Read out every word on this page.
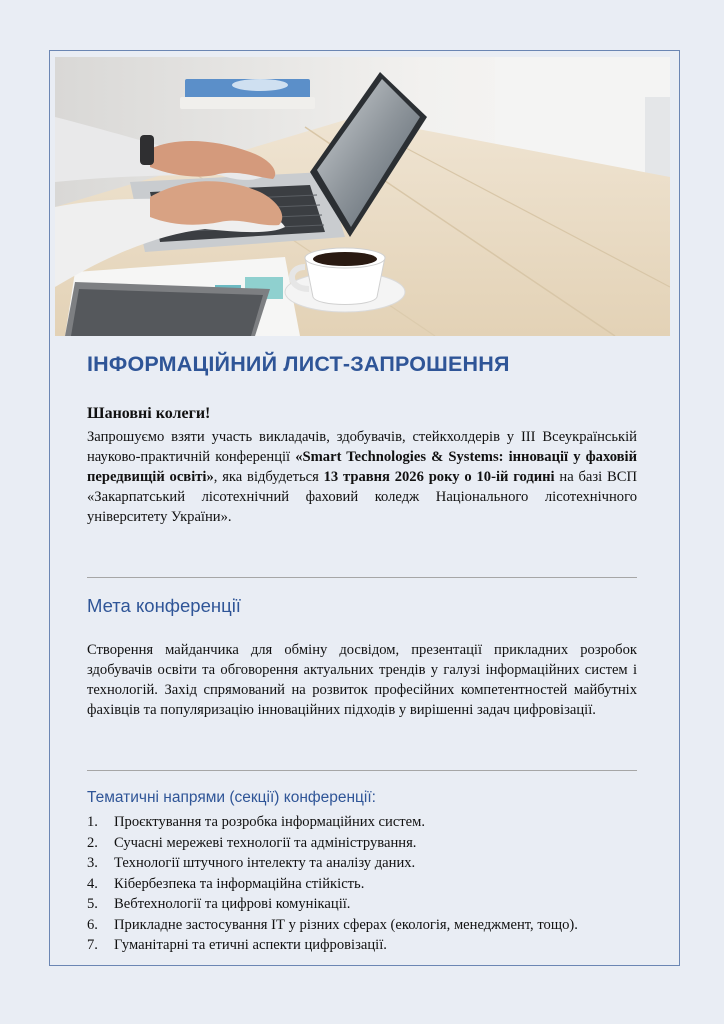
ІНФОРМАЦІЙНИЙ ЛИСТ-ЗАПРОШЕННЯ
Шановні колеги!
Запрошуємо взяти участь викладачів, здобувачів, стейкхолдерів у ІІІ Всеукраїнській науково-практичній конференції «Smart Technologies & Systems: інновації у фаховій передвищій освіті», яка відбудеться 13 травня 2026 року о 10-ій годині на базі ВСП «Закарпатський лісотехнічний фаховий коледж Національного лісотехнічного університету України».
Мета конференції
Створення майданчика для обміну досвідом, презентації прикладних розробок здобувачів освіти та обговорення актуальних трендів у галузі інформаційних систем і технологій. Захід спрямований на розвиток професійних компетентностей майбутніх фахівців та популяризацію інноваційних підходів у вирішенні задач цифровізації.
Тематичні напрями (секції) конференції:
1.	Проєктування та розробка інформаційних систем.
2.	Сучасні мережеві технології та адміністрування.
3.	Технології штучного інтелекту та аналізу даних.
4.	Кібербезпека та інформаційна стійкість.
5.	Вебтехнології та цифрові комунікації.
6.	Прикладне застосування ІТ у різних сферах (екологія, менеджмент, тощо).
7.	Гуманітарні та етичні аспекти цифровізації.
